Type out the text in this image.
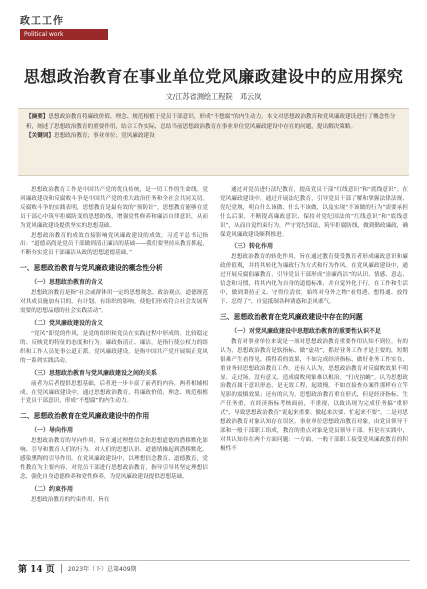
政工工作
Political work
思想政治教育在事业单位党风廉政建设中的应用探究
文/江苏省测绘工程院　邓云岚
【摘要】思想政治教育将廉政价值、理念、规范根植于党员干部意识，形成“不想腐”的内生动力。本文对思想政治教育和党风廉政建设进行了概念性分析，阐述了思想政治教育的重要作用，结合工作实际，总结当前思想政治教育在事业单位党风廉政建设中存在的问题，提出解决策略。
【关键词】思想政治教育；事业单位；党风廉政建设

思想政治教育工作是中国共产党的优良传统，是一切工作的生命线。党风廉政建设和反腐败斗争是中国共产党的重大政治任务和全社会共同关切。反腐败斗争的实践表明，思想教育是最有效的“预防针”。思想教育能够在党员干部心中筑牢拒腐防变的思想防线，增强党性修养和廉洁自律意识，从而为党风廉政建设提供坚实的思想基础。

思想政治教育的成效直接影响党风廉政建设的成效。习近平总书记指出：“道德高尚是党员干部做到清正廉洁的基础——我们要坚持从教育抓起，不断夯实党员干部廉洁从政的思想道德基础。”

一、思想政治教育与党风廉政建设的概念性分析
（一）思想政治教育的含义

思想政治教育是指“社会或群体用一定的思想观念、政治观点、道德规范对其成员施加有目的、有计划、有组织的影响，使他们形成符合社会发展所需要的思想品德的社会实践活动”。

（二）党风廉政建设的含义

“党风”即党的作风，是党的组织和党员在实践过程中形成的、比较稳定的、反映党的特征的态度和行为。廉政指清正、廉洁，是指行使公权力的组织和工作人员处事公道正派。党风廉政建设，是指中国共产党开展端正党风的一系列实践活动。

（三）思想政治教育与党风廉政建设之间的关系

前者为后者提供思想基础，后者进一步丰富了前者的内容，两者相辅相成。在党风廉政建设中，通过思想政治教育，将廉政价值、理念、规范根植于党员干部意识，形成“不想腐”的内生动力。

二、思想政治教育在党风廉政建设中的作用
（一）导向作用

思想政治教育的导向作用，旨在通过理想信念和思想道德的潜移默化影响、引导和教育人们的行为。对人们的思想认识、道德情操起到潜移默化、感染熏陶的引导作用。在党风廉政建设中，以理想信念教育、道德教育，党性教育为主要内容，对党员干部进行思想政治教育，指导引导其坚定理想信念，强化自身道德修养和党性修养，为党风廉政建设提供思想基础。

（二）约束作用

思想政治教育的约束作用，旨在

通过对党员进行法纪教育，提高党员干部“红线意识”和“底线意识”。在党风廉政建设中，通过开展法纪教育，引导党员干部了解和掌握法律法规、党纪党规，明白什么该做、什么不该做，以及实现“不该做的行为”需要承担什么后果，不断提高廉政意识，保持对党纪国法的“红线意识”和“底线意识”，从而自觉约束行为，严守党纪国法，筑牢拒腐防线，做到勤政廉政，确保党风廉政建设顺利推进。

（三）转化作用

思想政治教育的转化作用，旨在通过教育使受教育者形成廉政意识和廉政价值观，并将其转化为廉政行为方式和行为作风。在党风廉政建设中，通过开展反腐倡廉教育，引导党员干部形成“崇廉尚洁”的认识、情感、意志、信念和习惯，将其内化为自身的道德标准，并自觉外化于行。在工作和生活中，做到秉持正义、守得住清贫，始终对身外之物“看得透、想得通、放得下、忍得了”，自觉抵制各种诱惑和歪风邪气。

三、思想政治教育在党风廉政建设中存在的问题
（一）对党风廉政建设中思想政治教育的重要性认识不足

教育对事业单位来说是一项对思想政治教育重要作用认知不到位。有的认为，思想政治教育是软指标、做“虚功”，抓好业务工作才是主要的，短期很难产生看得见、摸得着的效果，不如完成经济指标、做好业务工作实在，重业务轻思想政治教育工作。还有人认为，思想政治教育对反腐败效果不明显、走过场、没有意义，造成腐败现象难以根治。“打虎拍蝇”，认为思想政治教育属于意识形态，是无效工程，起效慢。不如直接查办案件那样有立竿见影的震慑效果；还有的认为，思想政治教育重在形式，但是经济指标、生产任务重，在经济指标考核面前，不重视，以致出现为完成任务搞“重形式”，导致思想政治教育“说起来重要、做起来次要、忙起来不要”。二是对思想政治教育对象认知存在误区。事业单位思想政治教育对象，由党员领导干部和一般干部职工组成，教育的重点对象是党员领导干部。但是在实践中，对其认知存在两个方面问题：一方面，一般干部职工接受党风廉政教育的积极性不

第 14 页 2023年（下）总第409期
